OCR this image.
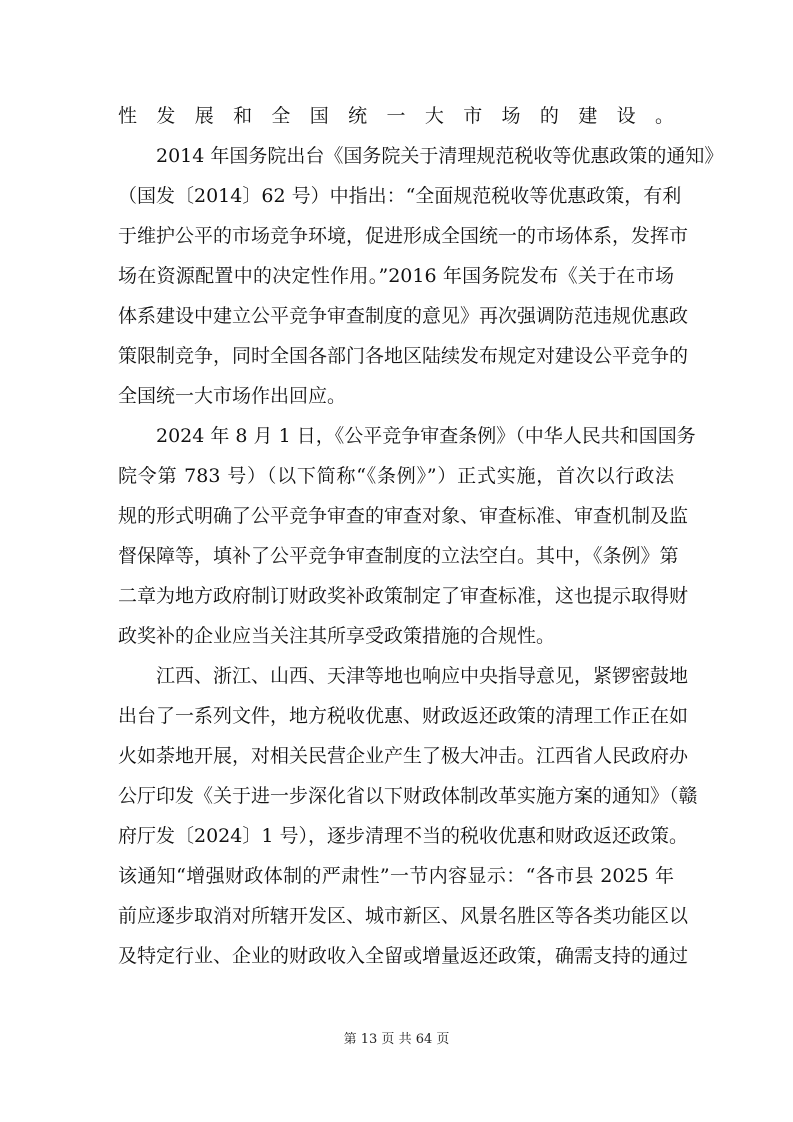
性发展和全国统一大市场的建设。
　　2014 年国务院出台《国务院关于清理规范税收等优惠政策的通知》
（国发〔2014〕62 号）中指出：“全面规范税收等优惠政策，有利
于维护公平的市场竞争环境，促进形成全国统一的市场体系，发挥市
场在资源配置中的决定性作用。”2016 年国务院发布《关于在市场
体系建设中建立公平竞争审查制度的意见》再次强调防范违规优惠政
策限制竞争，同时全国各部门各地区陆续发布规定对建设公平竞争的
全国统一大市场作出回应。
　　2024 年 8 月 1 日，《公平竞争审查条例》（中华人民共和国国务
院令第 783 号）（以下简称“《条例》”）正式实施，首次以行政法
规的形式明确了公平竞争审查的审查对象、审查标准、审查机制及监
督保障等，填补了公平竞争审查制度的立法空白。其中，《条例》第
二章为地方政府制订财政奖补政策制定了审查标准，这也提示取得财
政奖补的企业应当关注其所享受政策措施的合规性。
　　江西、浙江、山西、天津等地也响应中央指导意见，紧锣密鼓地
出台了一系列文件，地方税收优惠、财政返还政策的清理工作正在如
火如荼地开展，对相关民营企业产生了极大冲击。江西省人民政府办
公厅印发《关于进一步深化省以下财政体制改革实施方案的通知》（赣
府厅发〔2024〕1 号），逐步清理不当的税收优惠和财政返还政策。
该通知“增强财政体制的严肃性”一节内容显示：“各市县 2025 年
前应逐步取消对所辖开发区、城市新区、风景名胜区等各类功能区以
及特定行业、企业的财政收入全留或增量返还政策，确需支持的通过
第 13 页 共 64 页
